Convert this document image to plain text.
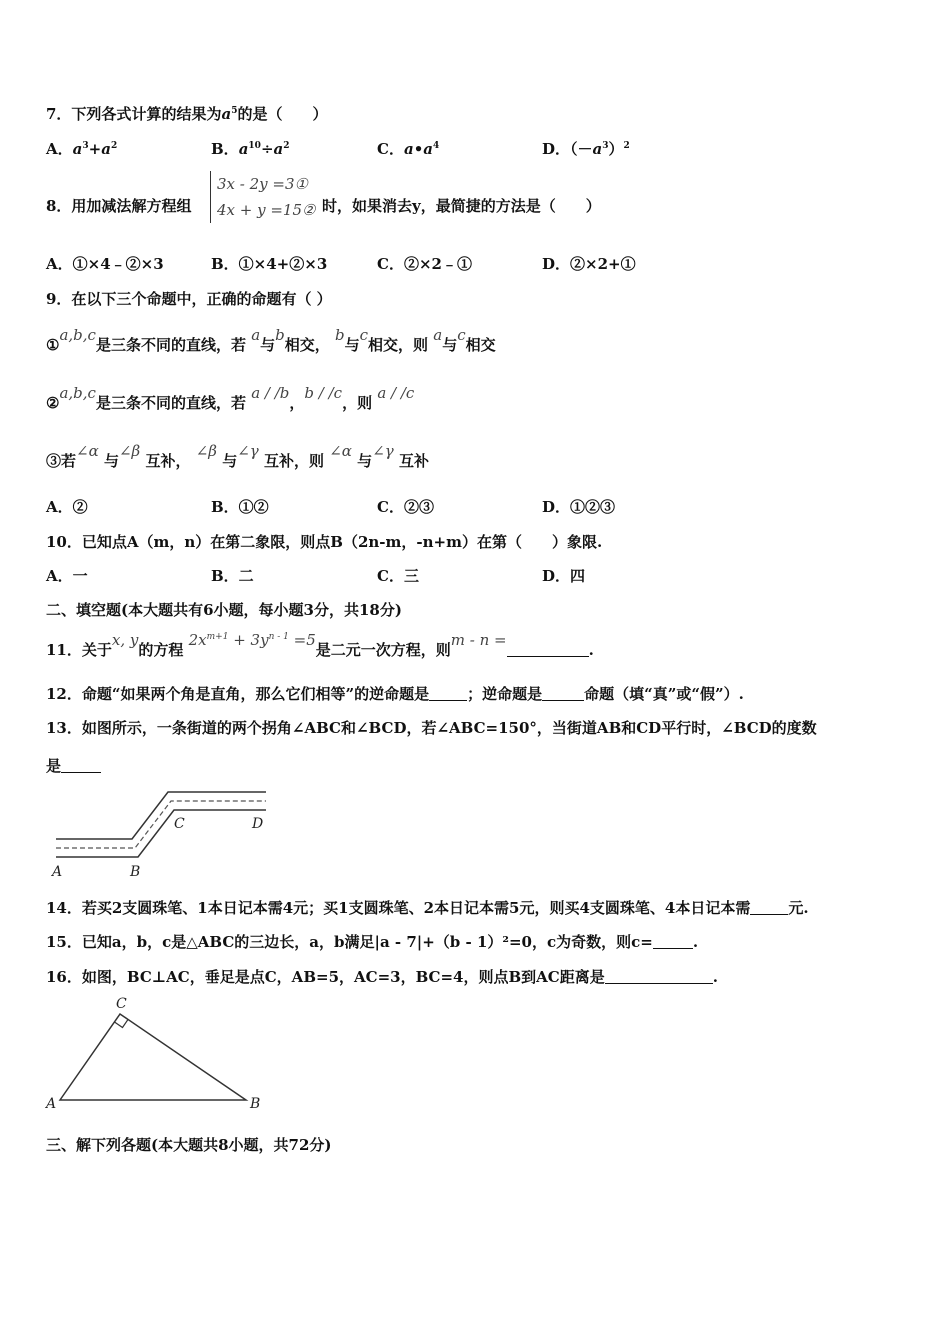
7．下列各式计算的结果为$a^5$的是（　　）
A．$a^3+a^2$	B．$a^{10}\div a^2$	C．$a•a^4$	D．$(-a^3)^2$
8．用加减法解方程组
3x - 2y =3①
4x + y =15② 时，如果消去y，最简捷的方法是（　　）
A．①×4﹣②×3	B．①×4+②×3	C．②×2﹣①	D．②×2+①
9．在以下三个命题中，正确的命题有（ ）
①a,b,c是三条不同的直线，若 a与b相交， b与c相交，则 a与c相交
②a,b,c是三条不同的直线，若 a / /b，b / /c，则 a / /c
③若∠α 与∠β 互补， ∠β 与∠γ 互补，则 ∠α 与∠γ 互补
A．②	B．①②	C．②③	D．①②③
10．已知点A（m，n）在第二象限，则点B（2n-m，-n+m）在第（　　）象限.
A．一	B．二	C．三	D．四
二、填空题(本大题共有6小题，每小题3分，共18分)
11．关于x, y的方程 $2x^{m+1} + 3y^{n - 1} =5$是二元一次方程，则m - n =.
12．命题“如果两个角是直角，那么它们相等”的逆命题是	；逆命题是	命题（填“真”或“假”）.
13．如图所示，一条街道的两个拐角∠ABC和∠BCD，若∠ABC=150°，当街道AB和CD平行时，∠BCD的度数
是
A	B
C	D
14．若买2支圆珠笔、1本日记本需4元；买1支圆珠笔、2本日记本需5元，则买4支圆珠笔、4本日记本需	元.
15．已知a，b，c是△ABC的三边长，a，b满足|a - 7|+（b - 1）²=0，c为奇数，则c=	.
16．如图，BC⊥AC，垂足是点C，AB=5，AC=3，BC=4，则点B到AC距离是	.
A
C
B
三、解下列各题(本大题共8小题，共72分)
